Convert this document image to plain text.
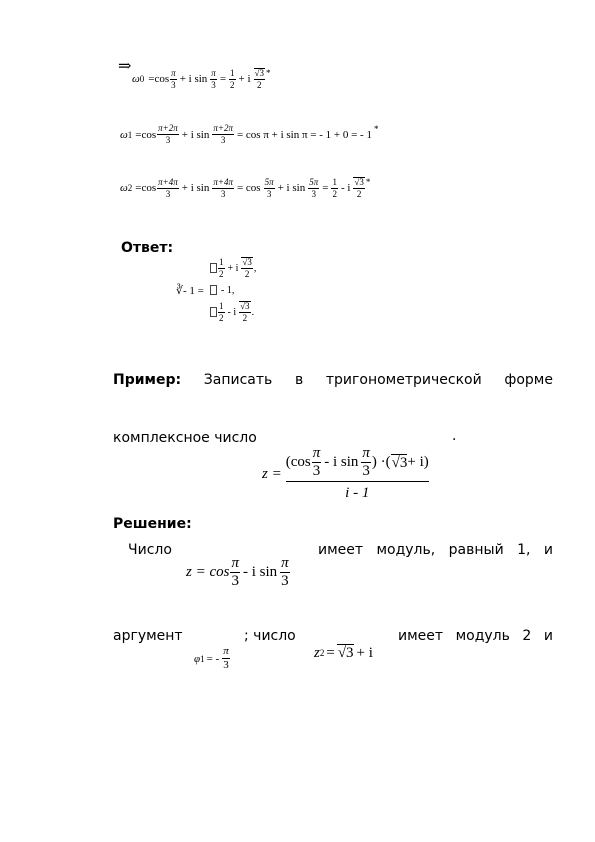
⇒
ω $0 = \cos \frac{\pi}{3} + i$ $\sin \frac{\pi}{3} = \frac{1}{2} + i \frac{√3}{2}$ *
ω $1 =\cos \frac{\pi+2\pi}{3} + i$ $\sin \frac{\pi+2\pi}{3} = \cos \pi + i$ sin π = - 1 + 0 = - 1 *
ω $2 =\cos \frac{\pi+4\pi}{3} + i$ $\sin \frac{\pi+4\pi}{3} = \cos \frac{5\pi}{3} + i$ $\sin \frac{5\pi}{3} = \frac{1}{2} - i \frac{√3}{2}$ *
Ответ:
∛- 1 =
$\frac{1}{2} + i \frac{√3}{2}$ ,
- 1,
$\frac{1}{2}$ - i $\frac{√3}{2}$ .
Пример: Записать в тригонометрической форме
комплексное число	.
z =
($\cos \frac{\pi}{3}$ - i $\sin \frac{\pi}{3}$ ) ·( √3 + i)
i - 1
Решение:
Число	имеет модуль, равный 1, и
$z = \cos \frac{\pi}{3} - i$ $\sin \frac{\pi}{3}$
аргумент	; число	имеет модуль 2 и
φ 1 = - $\frac{\pi}{3}$	z 2 = √3 + i
